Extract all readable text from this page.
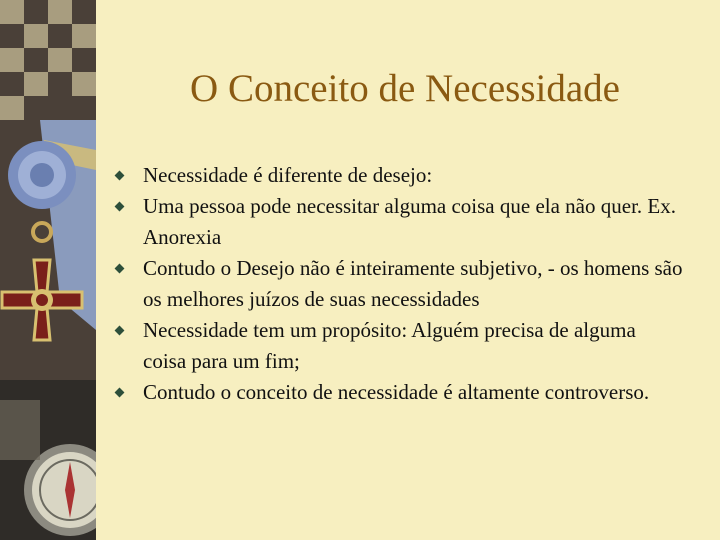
O Conceito de Necessidade
Necessidade é diferente de desejo:
Uma pessoa pode necessitar alguma coisa que ela não quer. Ex. Anorexia
Contudo o Desejo não é inteiramente subjetivo, - os homens são os melhores juízos de suas necessidades
Necessidade tem um propósito: Alguém precisa de alguma coisa para um fim;
Contudo o conceito de necessidade é altamente controverso.
